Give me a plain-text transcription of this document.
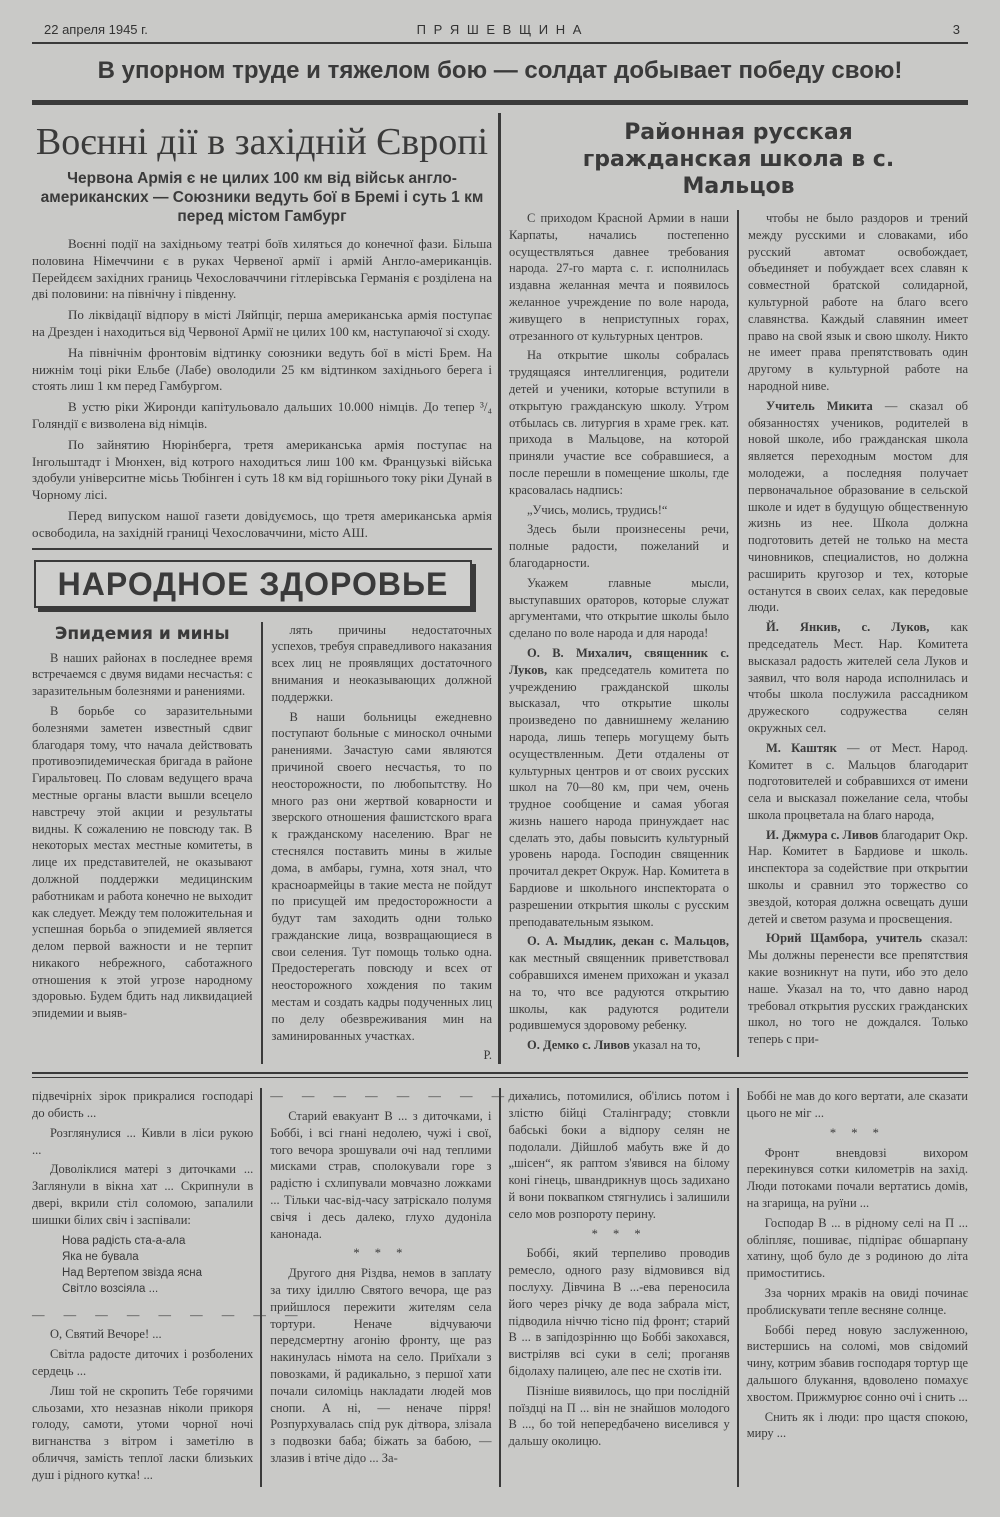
22 апреля 1945 г.	П Р Я Ш Е В Щ И Н А	3
В упорном труде и тяжелом бою — солдат добывает победу свою!
Воєнні дії в західній Європі
Червона Армія є не цилих 100 км від військ англо-американских — Союзники ведуть бої в Бремі і суть 1 км перед містом Гамбург

Воєнні події на західньому театрі боїв хиляться до конечної фази. Більша половина Німеччини є в руках Червеної армії і армій Англо-американців. Перейдєєм західних границь Чехословаччини гітлерівська Германія є розділена на дві половини: на північну і південну.

По ліквідації відпору в місті Ляйпціг, перша американська армія поступає на Дрезден і находиться від Червоної Армії не цилих 100 км, наступаючої зі сходу.

На північнім фронтовім відтинку союзники ведуть бої в місті Брем. На нижнім тоці ріки Ельбе (Лабе) оволодили 25 км відтинком західнього берега і стоять лиш 1 км перед Гамбургом.

В устю ріки Жиронди капітульовало дальших 10.000 німців. До тепер ³/₄ Голяндії є визволена від німців.

По зайнятию Нюрінберга, третя американська армія поступає на Інгольштадт і Мюнхен, від котрого находиться лиш 100 км. Французькі війська здобули університне місьь Тюбінген і суть 18 км від горішнього току ріки Дунай в Чорному лісі.

Перед випуском нашої газети довідуємось, що третя американська армія освободила, на західній границі Чехословаччини, місто АШ.

НАРОДНОЕ ЗДОРОВЬЕ
Эпидемия и мины

В наших районах в последнее время встречаемся с двумя видами несчастья: с заразительным болезнями и ранениями.

В борьбе со заразительными болезнями заметен известный сдвиг благодаря тому, что начала действовать противоэпидемическая бригада в районе Гиральтовец. По словам ведущего врача местные органы власти вышли всецело навстречу этой акции и результаты видны. К сожалению не повсюду так. В некоторых местах местные комитеты, в лице их представителей, не оказывают должной поддержки медицинским работникам и работа конечно не выходит как следует. Между тем положительная и успешная борьба о эпидемией является делом первой важности и не терпит никакого небрежного, саботажного отношения к этой угрозе народному здоровью. Будем бдить над ликвидацией эпидемии и выяв-

лять причины недостаточных успехов, требуя справедливого наказания всех лиц не проявлящих достаточного внимания и неоказывающих должной поддержки.

В наши больницы ежедневно поступают больные с миноскол очными ранениями. Зачастую сами являются причиной своего несчастья, то по неосторожности, по любопытству. Но много раз они жертвой коварности и зверского отношения фашистского врага к гражданскому населению. Враг не стеснялся поставить мины в жилые дома, в амбары, гумна, хотя знал, что красноармейцы в такие места не пойдут по присущей им предосторожности а будут там заходить одни только гражданские лица, возвращающиеся в свои селения. Тут помощь только одна. Предостерегать повсюду и всех от неосторожного хождения по таким местам и создать кадры подученных лиц по делу обезвреживания мин на заминированных участках.

Р.
Районная русская гражданская школа в с. Мальцов

С приходом Красной Армии в наши Карпаты, начались постепенно осуществляться давнее требования народа. 27-го марта с. г. исполнилась издавна желанная мечта и появилось желанное учреждение по воле народа, живущего в неприступных горах, отрезанного от культурных центров.

На открытие школы собралась трудящаяся интеллигенция, родители детей и ученики, которые вступили в открытую гражданскую школу. Утром отбылась св. литургия в храме грек. кат. прихода в Мальцове, на которой приняли участие все собравшиеся, а после перешли в помещение школы, где красовалась надпись:

„Учись, молись, трудись!“

Здесь были произнесены речи, полные радости, пожеланий и благодарности.

Укажем главные мысли, выступавших ораторов, которые служат аргументами, что открытие школы было сделано по воле народа и для народа!

О. В. Михалич, священник с. Луков, как председатель комитета по учреждению гражданской школы высказал, что открытие школы произведено по давнишнему желанию народа, лишь теперь могущему быть осуществленным. Дети отдалены от культурных центров и от своих русских школ на 70—80 км, при чем, очень трудное сообщение и самая убогая жизнь нашего народа принуждает нас сделать это, дабы повысить культурный уровень народа. Господин священник прочитал декрет Окруж. Нар. Комитета в Бардиове и школьного инспектората о разрешении открытия школы с русским преподавательным языком.

О. А. Мыдлик, декан с. Мальцов, как местный священник приветствовал собравшихся именем прихожан и указал на то, что все радуются открытию школы, как радуются родители родившемуся здоровому ребенку.

О. Демко с. Ливов указал на то,

чтобы не было раздоров и трений между русскими и словаками, ибо русский автомат освобождает, объединяет и побуждает всех славян к совместной братской солидарной, культурной работе на благо всего славянства. Каждый славянин имеет право на свой язык и свою школу. Никто не имеет права препятствовать один другому в культурной работе на народной ниве.

Учитель Микита — сказал об обязанностях учеников, родителей в новой школе, ибо гражданская школа является переходным мостом для молодежи, а последняя получает первоначальное образование в сельской школе и идет в будущую общественную жизнь из нее. Школа должна подготовить детей не только на места чиновников, специалистов, но должна расширить кругозор и тех, которые останутся в своих селах, как передовые люди.

Й. Янкив, с. Луков, как председатель Мест. Нар. Комитета высказал радость жителей села Луков и заявил, что воля народа исполнилась и чтобы школа послужила рассадником дружеского содружества селян окружных сел.

М. Каштяк — от Мест. Народ. Комитет в с. Мальцов благодарит подготовителей и собравшихся от имени села и высказал пожелание села, чтобы школа процветала на благо народа,

И. Джмура с. Ливов благодарит Окр. Нар. Комитет в Бардиове и школь. инспектора за содействие при открытии школы и сравнил это торжество со звездой, которая должна освещать души детей и светом разума и просвещения.

Юрий Щамбора, учитель сказал: Мы должны перенести все препятствия какие возникнут на пути, ибо это дело наше. Указал на то, что давно народ требовал открытия русских гражданских школ, но того не дождался. Только теперь с при-

підвечірніх зірок прикралися господарі до обисть ...

Розглянулися ... Кивли в ліси рукою ...

Доволіклися матері з диточками ... Заглянули в вікна хат ... Скрипнули в двері, вкрили стіл соломою, запалили шишки білих свіч і заспівали:

Нова радість ста-а-ала
Яка не бувала
Над Вертепом звізда ясна
Світло возсіяла ...

— — — — — — — — —

О, Святий Вечоре! ...

Світла радосте диточих і розболених сердець ...

Лиш той не скропить Тебе горячими сльозами, хто незазнав ніколи прикоря голоду, самоти, утоми чорної ночі вигнанства з вітром і заметілю в обличчя, замість теплої ласки близьких душ і рідного кутка! ...

— — — — — — — — —

Старий евакуант В ... з диточками, і Боббі, і всі гнані недолею, чужі і свої, того вечора зрошували очі над теплими мисками страв, сполокували горе з радістю і схлипували мовчазно ложками ... Тільки час-від-часу затріскало полумя свічя і десь далеко, глухо дудоніла канонада.

* * *

Другого дня Різдва, немов в заплату за тиху ідиллю Святого вечора, ще раз прийшлося пережити жителям села тортури. Неначе відчуваючи передсмертну агонію фронту, ще раз накинулась німота на село. Приїхали з повозками, й радикально, з першої хати почали силоміць накладати людей мов снопи. А ні, — неначе пірря! Розпурхувалась спід рук дітвора, злізала з подвозки баба; біжать за бабою, — злазив і втіче дідо ... За-

дихались, потомилися, об'ілись потом і злістю бійці Сталінграду; стовкли бабські боки а відпору селян не подолали. Дійшлоб мабуть вже й до „шісен“, як раптом з'явився на білому коні гінець, швандрикнув щось задихано й вони поквапком стягнулись і залишили село мов розпороту перину.

* * *

Боббі, який терпеливо проводив ремесло, одного разу відмовився від послуху. Дівчина В ...-ева переносила його через річку де вода забрала міст, підводила ніччю тісно під фронт; старий В ... в запідозрінню що Боббі закохався, вистріляв всі суки в селі; проганяв бідолаху палицею, але пес не схотів іти.

Пізніше виявилось, що при послідній поїздці на П ... він не знайшов молодого В ..., бо той непередбачено виселився у дальшу околицю.

Боббі не мав до кого вертати, але сказати цього не міг ...

* * *

Фронт вневдовзі вихором перекинувся сотки километрів на захід. Люди потоками почали вертатись домів, на згарища, на руїни ...

Господар В ... в рідному селі на П ... обліпляє, пошиває, підпірає обшарпану хатину, щоб було де з родиною до літа примоститись.

Зза чорних мраків на овиді починає проблискувати тепле весняне солнце.

Боббі перед новую заслуженною, вистершись на соломі, мов свідомий чину, котрим збавив господаря тортур ще дальшого блукання, вдоволено помахує хвостом. Прижмурює сонно очі і снить ...

Снить як і люди: про щастя спокою, миру ...
